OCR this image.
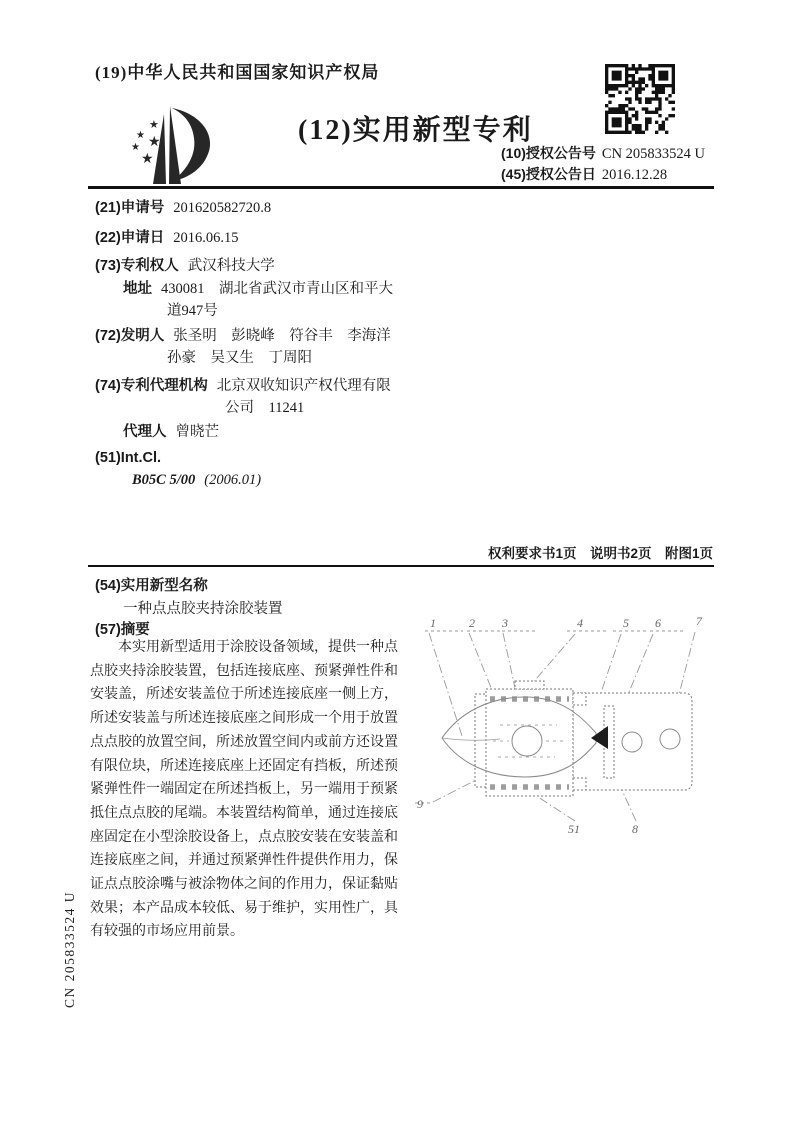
(19)中华人民共和国国家知识产权局
★
★ ★
★
★
(12)实用新型专利
(10)授权公告号 CN 205833524 U
(45)授权公告日 2016.12.28
(21)申请号 201620582720.8
(22)申请日 2016.06.15
(73)专利权人 武汉科技大学
地址 430081　湖北省武汉市青山区和平大
道947号
(72)发明人 张圣明　彭晓峰　符谷丰　李海洋
孙豪　吴又生　丁周阳
(74)专利代理机构 北京双收知识产权代理有限
公司　11241
代理人 曾晓芒
(51)Int.Cl.
B05C 5/00 (2006.01)
权利要求书1页　说明书2页　附图1页
(54)实用新型名称
一种点点胶夹持涂胶装置
(57)摘要
本实用新型适用于涂胶设备领域，提供一种点点胶夹持涂胶装置，包括连接底座、预紧弹性件和安装盖，所述安装盖位于所述连接底座一侧上方，所述安装盖与所述连接底座之间形成一个用于放置点点胶的放置空间，所述放置空间内或前方还设置有限位块，所述连接底座上还固定有挡板，所述预紧弹性件一端固定在所述挡板上，另一端用于预紧抵住点点胶的尾端。本装置结构简单，通过连接底座固定在小型涂胶设备上，点点胶安装在安装盖和连接底座之间，并通过预紧弹性件提供作用力，保证点点胶涂嘴与被涂物体之间的作用力，保证黏贴效果；本产品成本较低、易于维护，实用性广，具有较强的市场应用前景。
1	2 3	4	5 6	7
9
51	8
CN 205833524 U
